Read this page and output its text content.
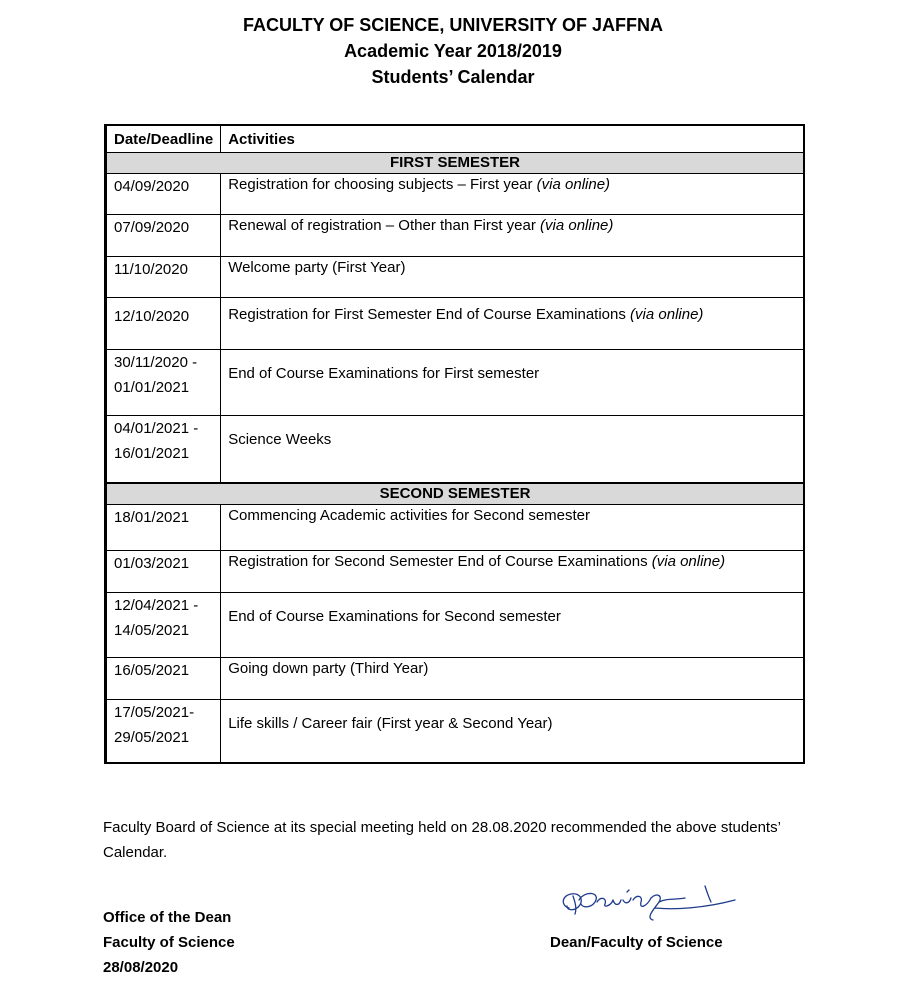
FACULTY OF SCIENCE, UNIVERSITY OF JAFFNA
Academic Year 2018/2019
Students’ Calendar
Date/Deadline	Activities
FIRST SEMESTER	
04/09/2020	Registration for choosing subjects – First year (via online)
07/09/2020	Renewal of registration – Other than First year (via online)
11/10/2020	Welcome party (First Year)
12/10/2020	Registration for First Semester End of Course Examinations (via online)
30/11/2020 -
01/01/2021	End of Course Examinations for First semester
04/01/2021 -
16/01/2021	Science Weeks
SECOND SEMESTER	
18/01/2021	Commencing Academic activities for Second semester
01/03/2021	Registration for Second Semester End of Course Examinations (via online)
12/04/2021 -
14/05/2021	End of Course Examinations for Second semester
16/05/2021	Going down party (Third Year)
17/05/2021-
29/05/2021	Life skills / Career fair (First year & Second Year)
Faculty Board of Science at its special meeting held on 28.08.2020 recommended the above students’ Calendar.
Office of the Dean
Faculty of Science
28/08/2020
Dean/Faculty of Science
